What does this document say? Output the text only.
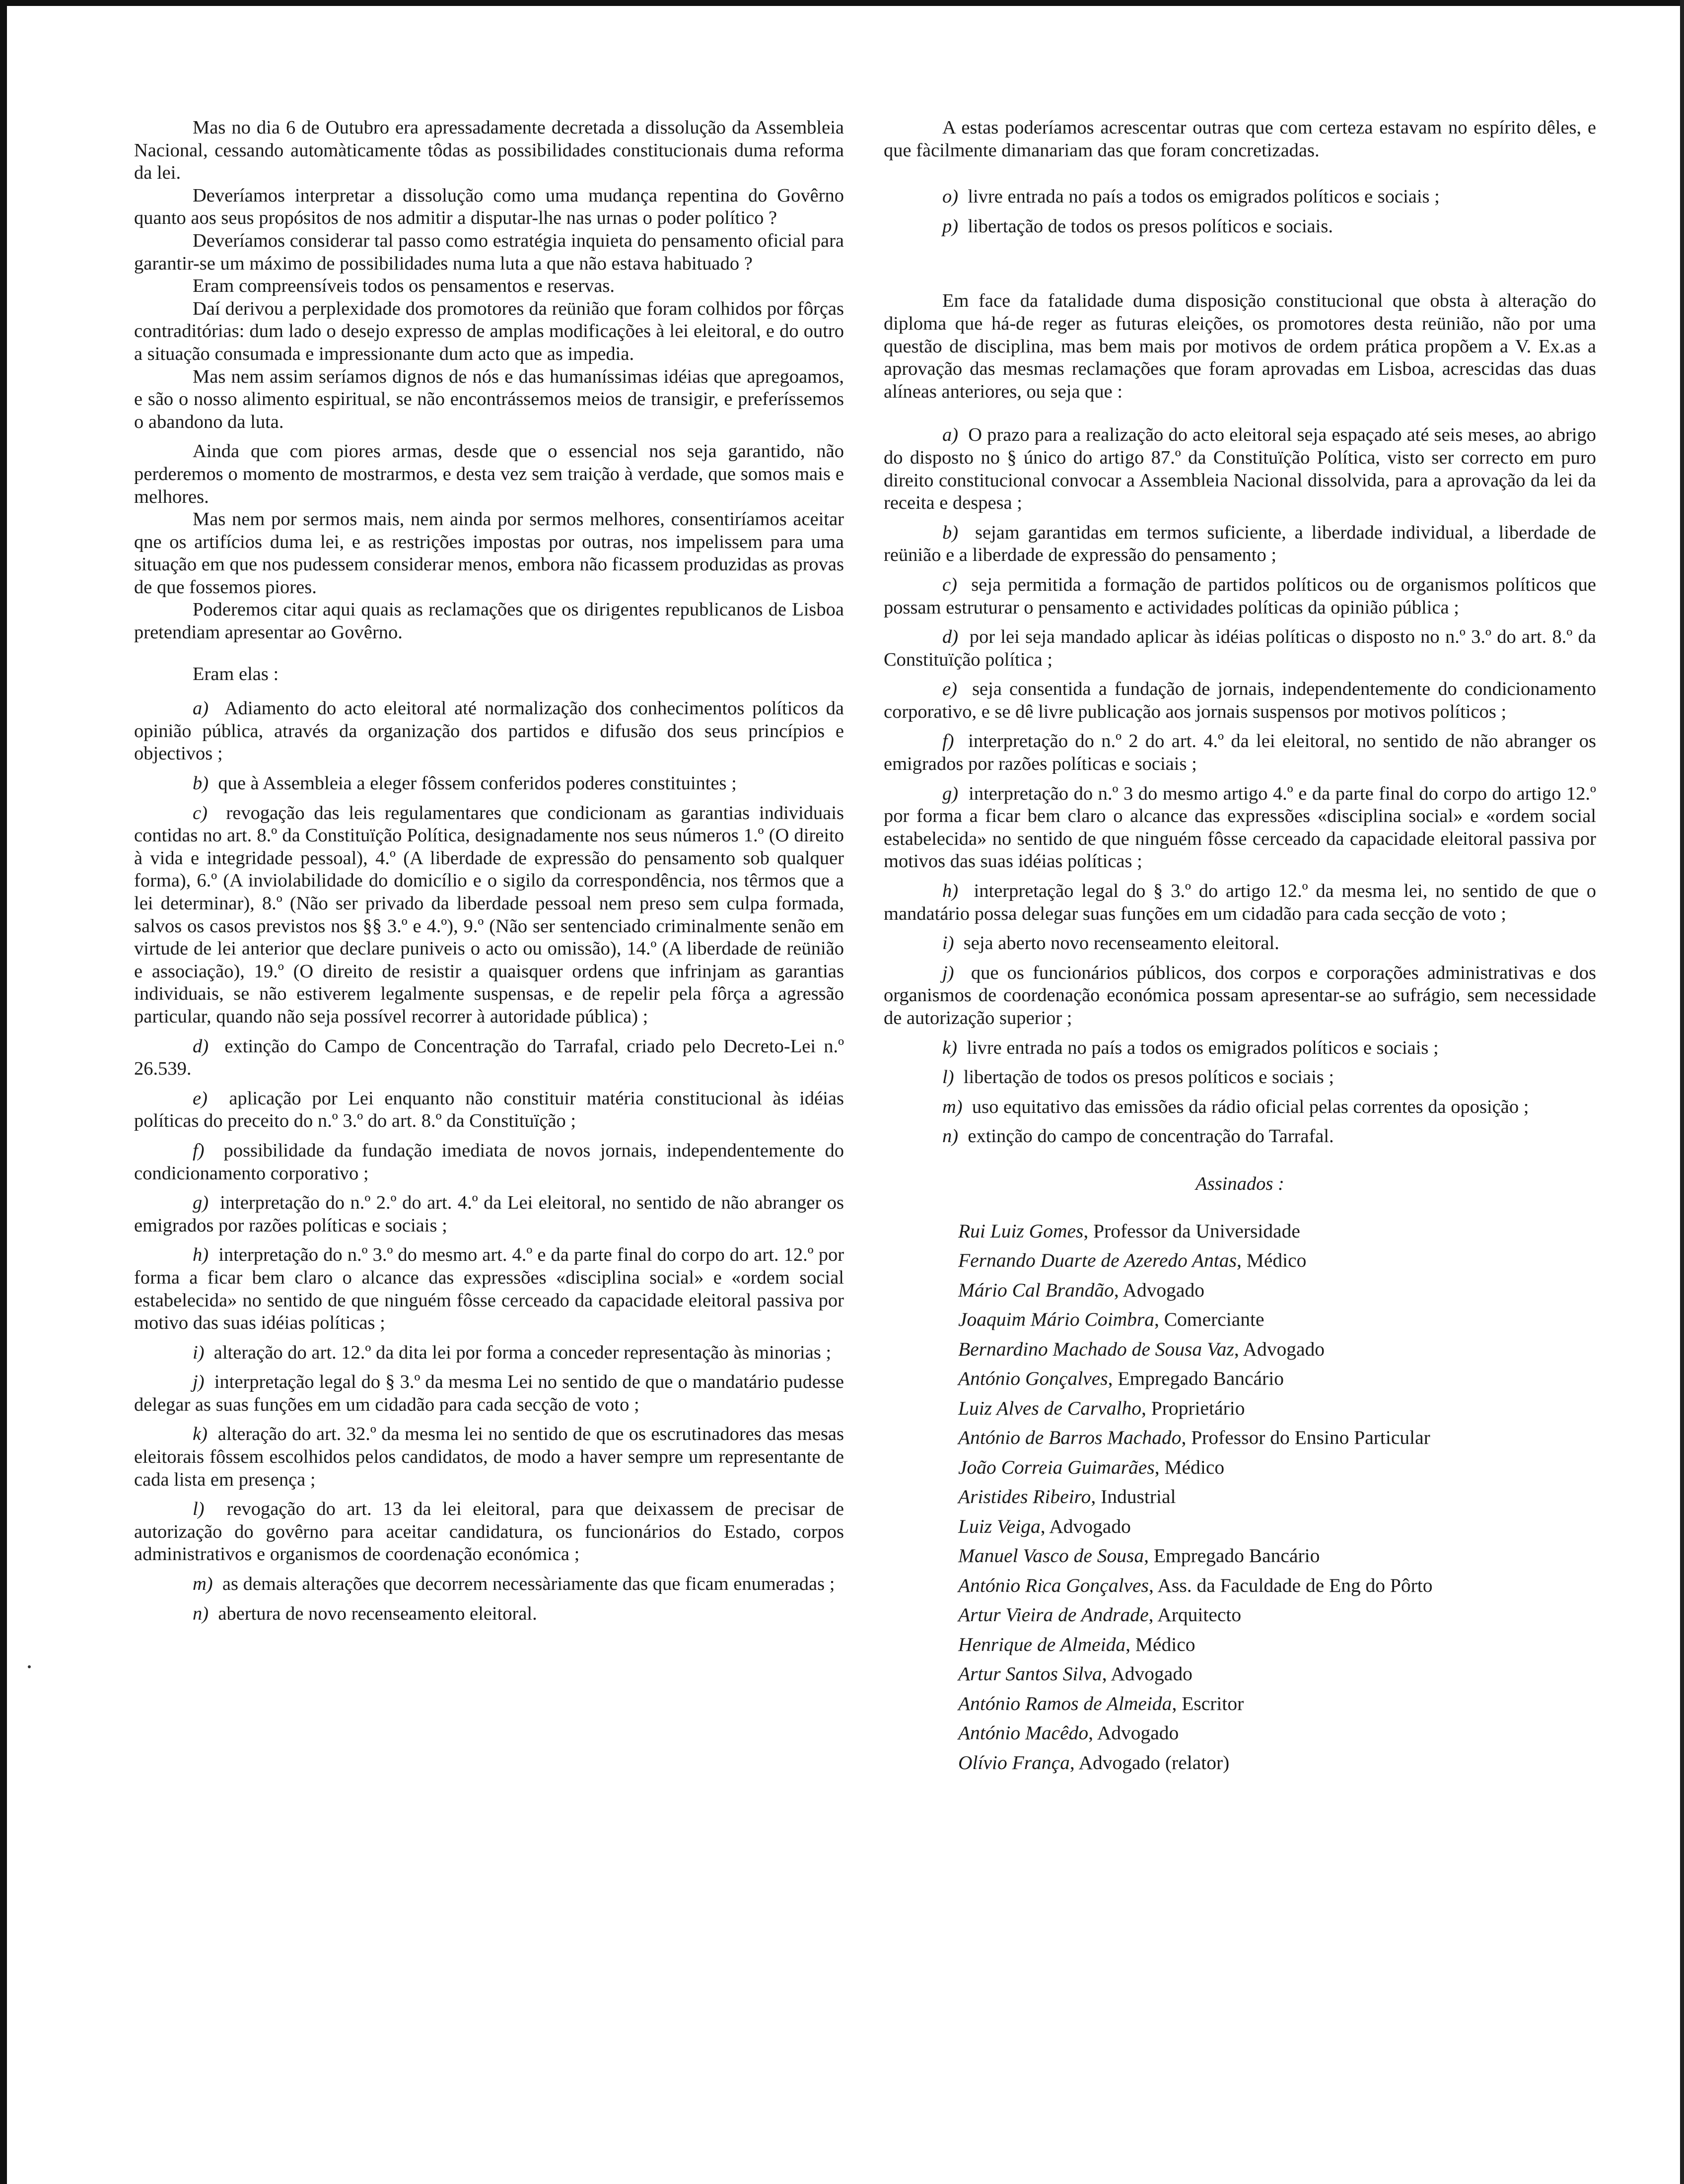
Mas no dia 6 de Outubro era apressadamente decretada a dissolução da Assembleia Nacional, cessando automàticamente tôdas as possibilidades constitucionais duma reforma da lei.

Deveríamos interpretar a dissolução como uma mudança repentina do Govêrno quanto aos seus propósitos de nos admitir a disputar-lhe nas urnas o poder político ?

Deveríamos considerar tal passo como estratégia inquieta do pensamento oficial para garantir-se um máximo de possibilidades numa luta a que não estava habituado ?

Eram compreensíveis todos os pensamentos e reservas.

Daí derivou a perplexidade dos promotores da reünião que foram colhidos por fôrças contraditórias: dum lado o desejo expresso de amplas modificações à lei eleitoral, e do outro a situação consumada e impressionante dum acto que as impedia.

Mas nem assim seríamos dignos de nós e das humaníssimas idéias que apregoamos, e são o nosso alimento espiritual, se não encontrássemos meios de transigir, e preferíssemos o abandono da luta.

Ainda que com piores armas, desde que o essencial nos seja garantido, não perderemos o momento de mostrarmos, e desta vez sem traição à verdade, que somos mais e melhores.

Mas nem por sermos mais, nem ainda por sermos melhores, consentiríamos aceitar qne os artifícios duma lei, e as restrições impostas por outras, nos impelissem para uma situação em que nos pudessem considerar menos, embora não ficassem produzidas as provas de que fossemos piores.

Poderemos citar aqui quais as reclamações que os dirigentes republicanos de Lisboa pretendiam apresentar ao Govêrno.

Eram elas :

a) Adiamento do acto eleitoral até normalização dos conhecimentos políticos da opinião pública, através da organização dos partidos e difusão dos seus princípios e objectivos ;

b) que à Assembleia a eleger fôssem conferidos poderes constituintes ;

c) revogação das leis regulamentares que condicionam as garantias individuais contidas no art. 8.º da Constituïção Política, designadamente nos seus números 1.º (O direito à vida e integridade pessoal), 4.º (A liberdade de expressão do pensamento sob qualquer forma), 6.º (A inviolabilidade do domicílio e o sigilo da correspondência, nos têrmos que a lei determinar), 8.º (Não ser privado da liberdade pessoal nem preso sem culpa formada, salvos os casos previstos nos §§ 3.º e 4.º), 9.º (Não ser sentenciado criminalmente senão em virtude de lei anterior que declare puniveis o acto ou omissão), 14.º (A liberdade de reünião e associação), 19.º (O direito de resistir a quaisquer ordens que infrinjam as garantias individuais, se não estiverem legalmente suspensas, e de repelir pela fôrça a agressão particular, quando não seja possível recorrer à autoridade pública) ;

d) extinção do Campo de Concentração do Tarrafal, criado pelo Decreto-Lei n.º 26.539.

e) aplicação por Lei enquanto não constituir matéria constitucional às idéias políticas do preceito do n.º 3.º do art. 8.º da Constituïção ;

f) possibilidade da fundação imediata de novos jornais, independentemente do condicionamento corporativo ;

g) interpretação do n.º 2.º do art. 4.º da Lei eleitoral, no sentido de não abranger os emigrados por razões políticas e sociais ;

h) interpretação do n.º 3.º do mesmo art. 4.º e da parte final do corpo do art. 12.º por forma a ficar bem claro o alcance das expressões «disciplina social» e «ordem social estabelecida» no sentido de que ninguém fôsse cerceado da capacidade eleitoral passiva por motivo das suas idéias políticas ;

i) alteração do art. 12.º da dita lei por forma a conceder representação às minorias ;

j) interpretação legal do § 3.º da mesma Lei no sentido de que o mandatário pudesse delegar as suas funções em um cidadão para cada secção de voto ;

k) alteração do art. 32.º da mesma lei no sentido de que os escrutinadores das mesas eleitorais fôssem escolhidos pelos candidatos, de modo a haver sempre um representante de cada lista em presença ;

l) revogação do art. 13 da lei eleitoral, para que deixassem de precisar de autorização do govêrno para aceitar candidatura, os funcionários do Estado, corpos administrativos e organismos de coordenação económica ;

m) as demais alterações que decorrem necessàriamente das que ficam enumeradas ;

n) abertura de novo recenseamento eleitoral.

A estas poderíamos acrescentar outras que com certeza estavam no espírito dêles, e que fàcilmente dimanariam das que foram concretizadas.

o) livre entrada no país a todos os emigrados políticos e sociais ;

p) libertação de todos os presos políticos e sociais.

Em face da fatalidade duma disposição constitucional que obsta à alteração do diploma que há-de reger as futuras eleições, os promotores desta reünião, não por uma questão de disciplina, mas bem mais por motivos de ordem prática propõem a V. Ex.as a aprovação das mesmas reclamações que foram aprovadas em Lisboa, acrescidas das duas alíneas anteriores, ou seja que :

a) O prazo para a realização do acto eleitoral seja espaçado até seis meses, ao abrigo do disposto no § único do artigo 87.º da Constituïção Política, visto ser correcto em puro direito constitucional convocar a Assembleia Nacional dissolvida, para a aprovação da lei da receita e despesa ;

b) sejam garantidas em termos suficiente, a liberdade individual, a liberdade de reünião e a liberdade de expressão do pensamento ;

c) seja permitida a formação de partidos políticos ou de organismos políticos que possam estruturar o pensamento e actividades políticas da opinião pública ;

d) por lei seja mandado aplicar às idéias políticas o disposto no n.º 3.º do art. 8.º da Constituïção política ;

e) seja consentida a fundação de jornais, independentemente do condicionamento corporativo, e se dê livre publicação aos jornais suspensos por motivos políticos ;

f) interpretação do n.º 2 do art. 4.º da lei eleitoral, no sentido de não abranger os emigrados por razões políticas e sociais ;

g) interpretação do n.º 3 do mesmo artigo 4.º e da parte final do corpo do artigo 12.º por forma a ficar bem claro o alcance das expressões «disciplina social» e «ordem social estabelecida» no sentido de que ninguém fôsse cerceado da capacidade eleitoral passiva por motivos das suas idéias políticas ;

h) interpretação legal do § 3.º do artigo 12.º da mesma lei, no sentido de que o mandatário possa delegar suas funções em um cidadão para cada secção de voto ;

i) seja aberto novo recenseamento eleitoral.

j) que os funcionários públicos, dos corpos e corporações administrativas e dos organismos de coordenação económica possam apresentar-se ao sufrágio, sem necessidade de autorização superior ;

k) livre entrada no país a todos os emigrados políticos e sociais ;

l) libertação de todos os presos políticos e sociais ;

m) uso equitativo das emissões da rádio oficial pelas correntes da oposição ;

n) extinção do campo de concentração do Tarrafal.

Assinados :

Rui Luiz Gomes, Professor da Universidade
Fernando Duarte de Azeredo Antas, Médico
Mário Cal Brandão, Advogado
Joaquim Mário Coimbra, Comerciante
Bernardino Machado de Sousa Vaz, Advogado
António Gonçalves, Empregado Bancário
Luiz Alves de Carvalho, Proprietário
António de Barros Machado, Professor do Ensino Particular
João Correia Guimarães, Médico
Aristides Ribeiro, Industrial
Luiz Veiga, Advogado
Manuel Vasco de Sousa, Empregado Bancário
António Rica Gonçalves, Ass. da Faculdade de Eng do Pôrto
Artur Vieira de Andrade, Arquitecto
Henrique de Almeida, Médico
Artur Santos Silva, Advogado
António Ramos de Almeida, Escritor
António Macêdo, Advogado
Olívio França, Advogado (relator)
